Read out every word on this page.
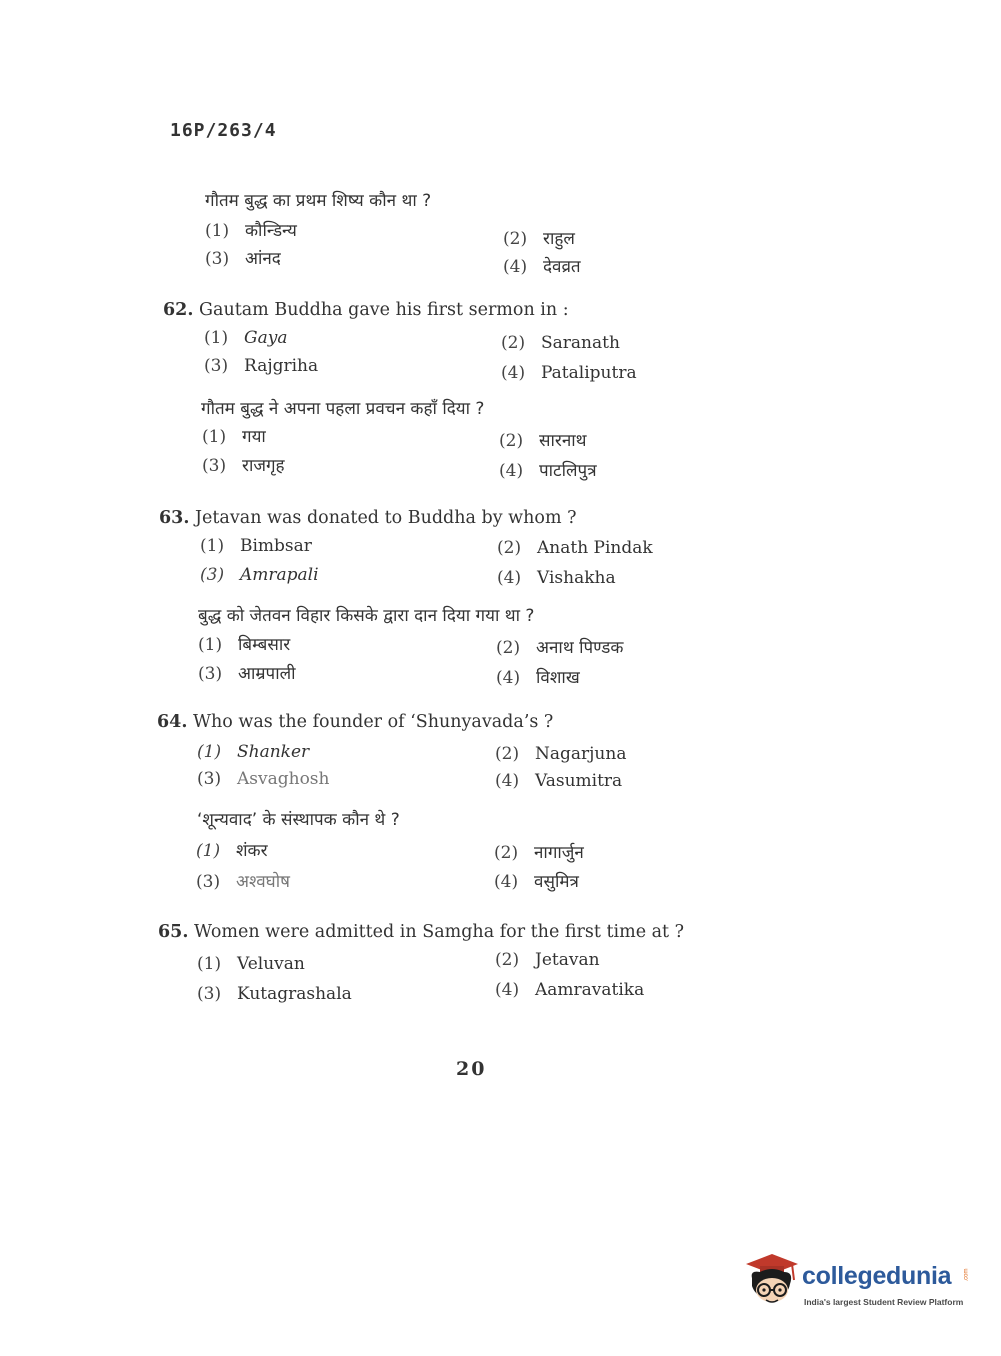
16P/263/4
गौतम बुद्ध का प्रथम शिष्य कौन था ?
(1) कौन्डिन्य	(2) राहुल
(3) आंनद	(4) देवव्रत
62. Gautam Buddha gave his first sermon in :
(1) Gaya	(2) Saranath
(3) Rajgriha	(4) Pataliputra
गौतम बुद्ध ने अपना पहला प्रवचन कहाँ दिया ?
(1) गया	(2) सारनाथ
(3) राजगृह	(4) पाटलिपुत्र
63. Jetavan was donated to Buddha by whom ?
(1) Bimbsar	(2) Anath Pindak
(3) Amrapali	(4) Vishakha
बुद्ध को जेतवन विहार किसके द्वारा दान दिया गया था ?
(1) बिम्बसार	(2) अनाथ पिण्डक
(3) आम्रपाली	(4) विशाख
64. Who was the founder of ‘Shunyavada’s ?
(1) Shanker	(2) Nagarjuna
(3) Asvaghosh	(4) Vasumitra
‘शून्यवाद’ के संस्थापक कौन थे ?
(1) शंकर	(2) नागार्जुन
(3) अश्वघोष	(4) वसुमित्र
65. Women were admitted in Samgha for the first time at ?
(1) Veluvan	(2) Jetavan
(3) Kutagrashala	(4) Aamravatika
20
collegedunia .com
India's largest Student Review Platform
